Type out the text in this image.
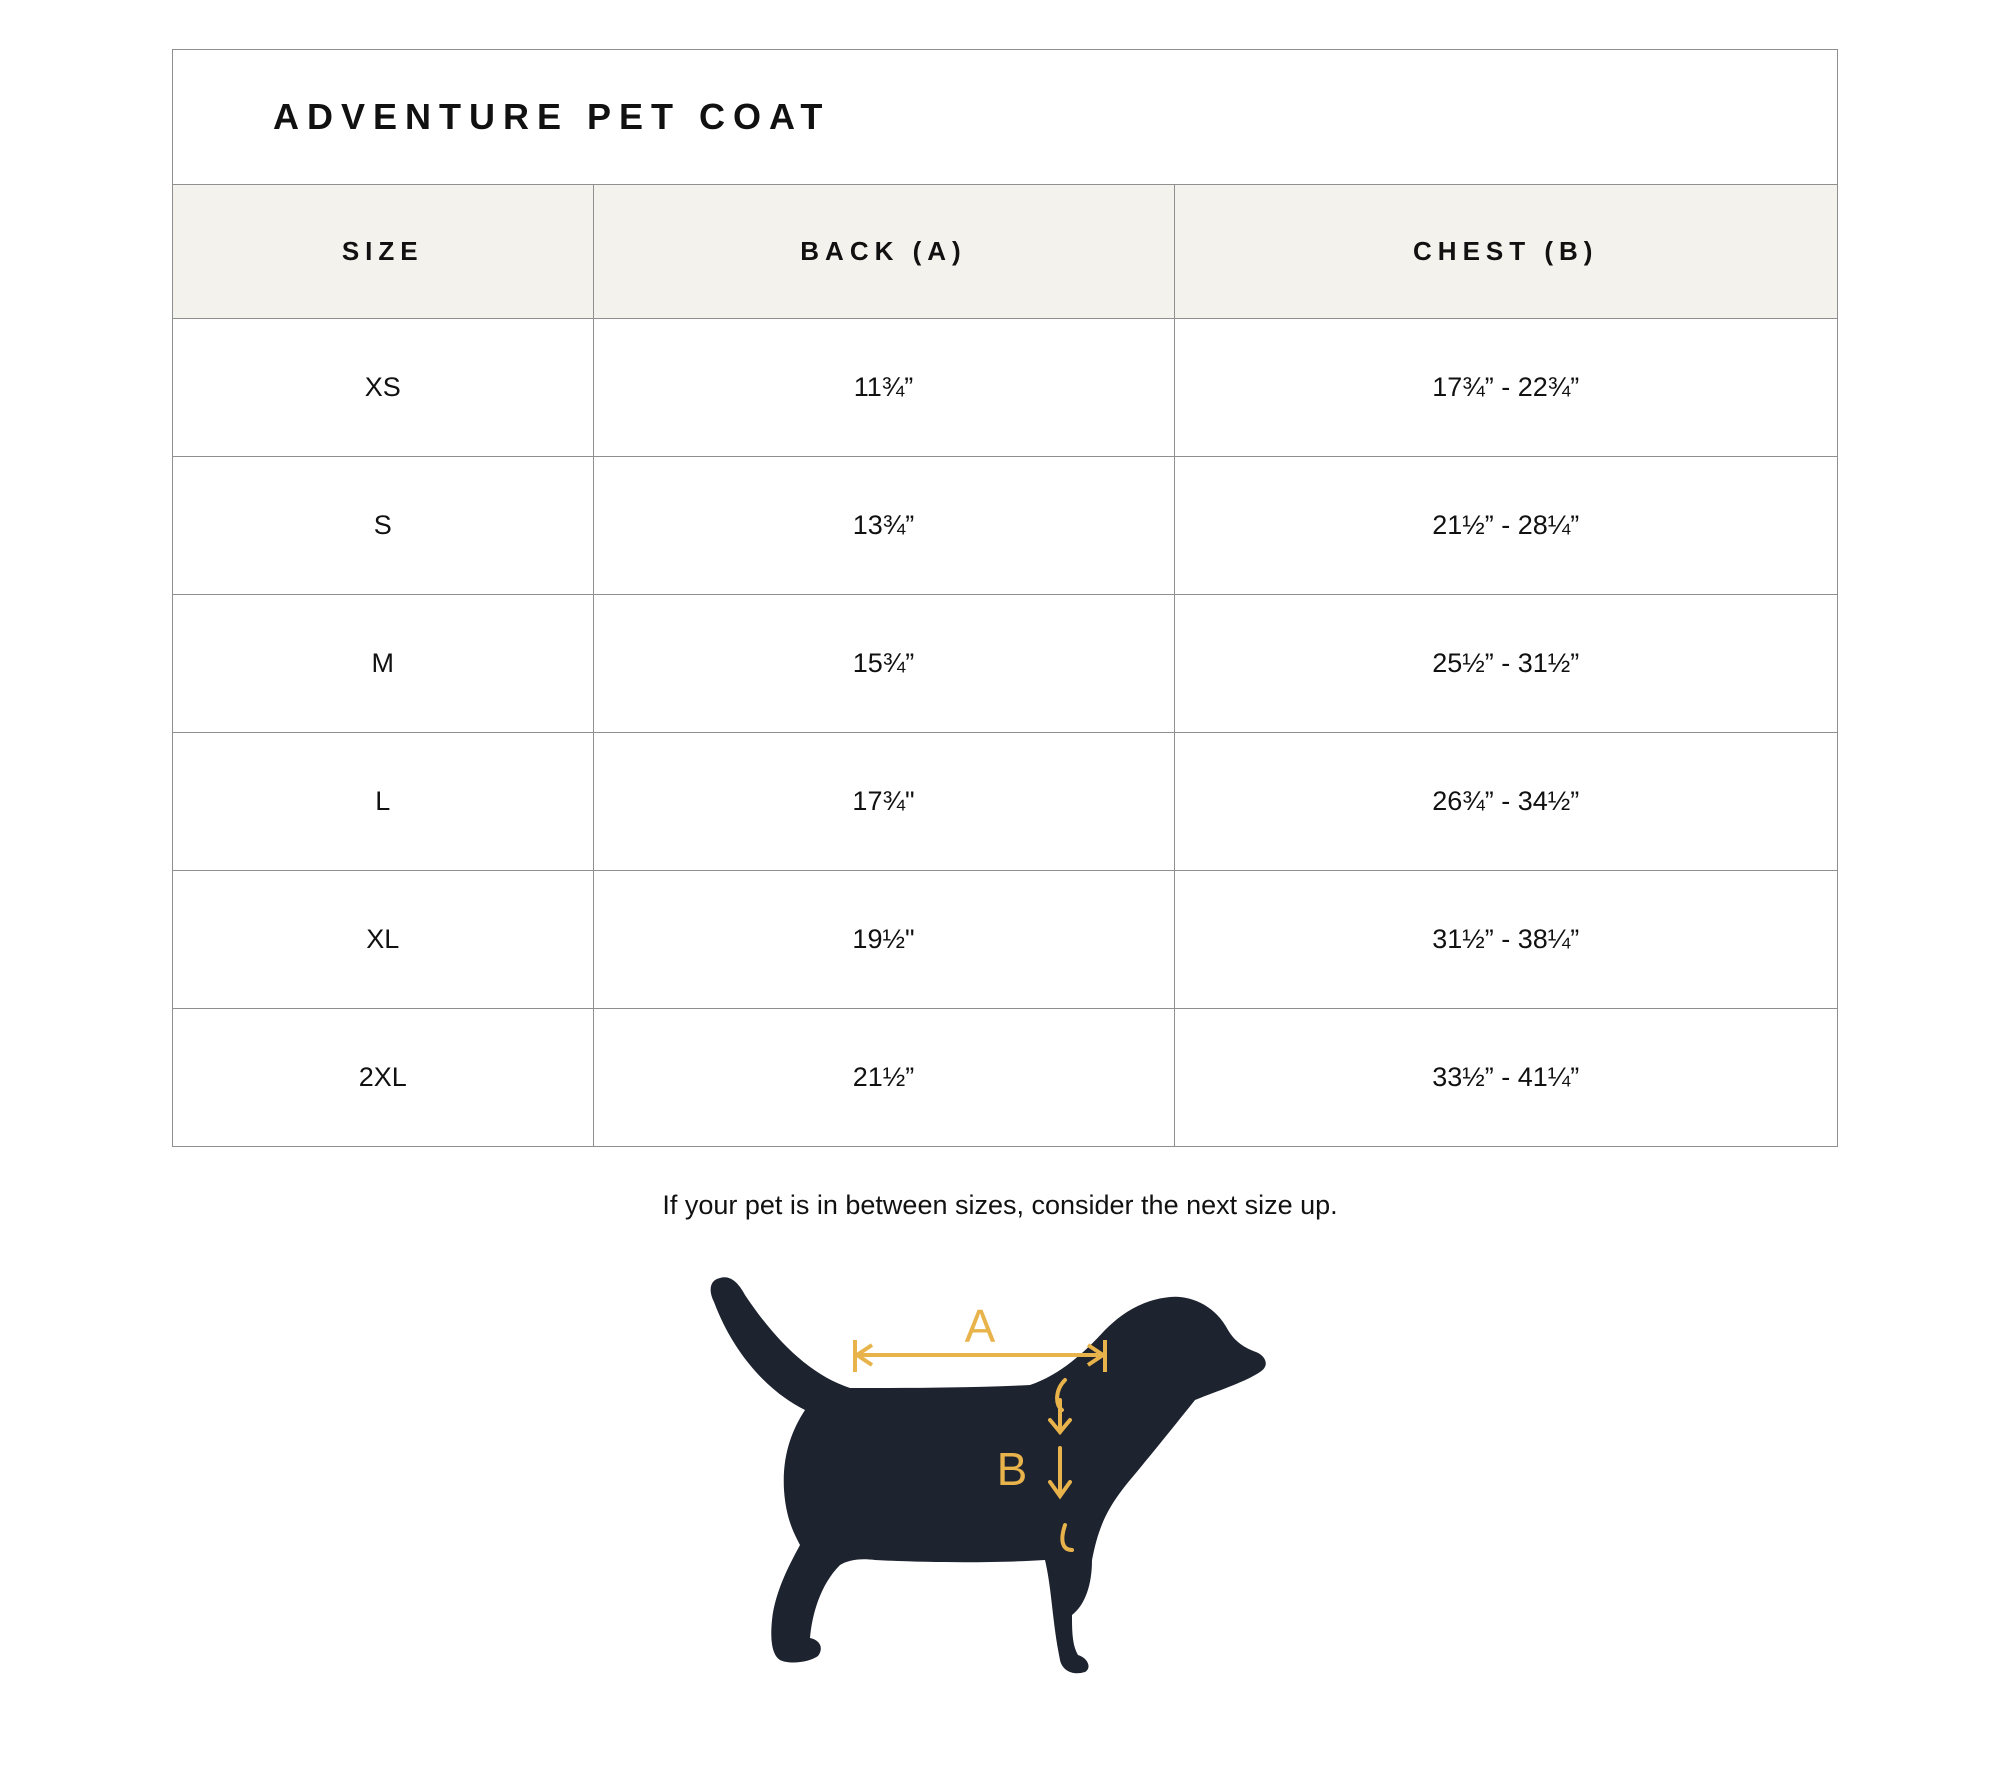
ADVENTURE PET COAT
SIZE	BACK (A)	CHEST (B)
XS	11¾”	17¾” - 22¾”
S	13¾”	21½” - 28¼”
M	15¾”	25½” - 31½”
L	17¾"	26¾” - 34½”
XL	19½"	31½” - 38¼”
2XL	21½”	33½” - 41¼”
If your pet is in between sizes, consider the next size up.
A
B
